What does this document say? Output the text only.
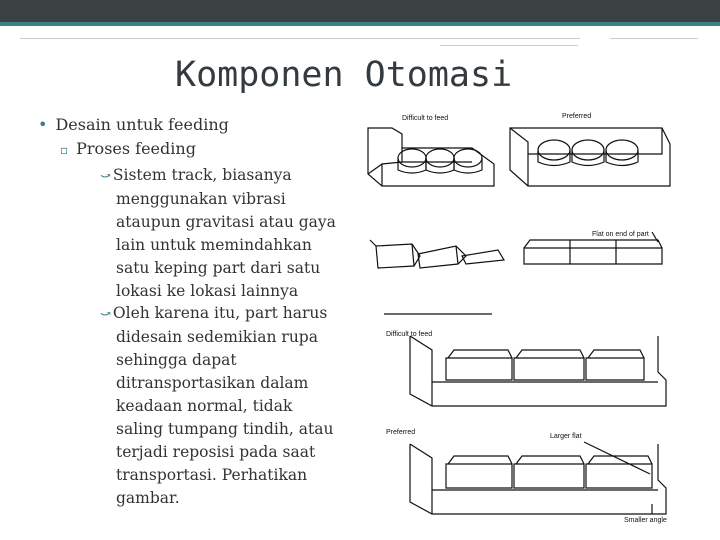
Komponen Otomasi
• Desain untuk feeding
▫ Proses feeding
⤻ Sistem track, biasanya
menggunakan vibrasi
ataupun gravitasi atau gaya
lain untuk memindahkan
satu keping part dari satu
lokasi ke lokasi lainnya
⤻ Oleh karena itu, part harus
didesain sedemikian rupa
sehingga dapat
ditransportasikan dalam
keadaan normal, tidak
saling tumpang tindih, atau
terjadi reposisi pada saat
transportasi. Perhatikan
gambar.
Difficult to feed	Preferred
Flat on end of part
Difficult to feed
Preferred
Larger flat
Smaller angle
